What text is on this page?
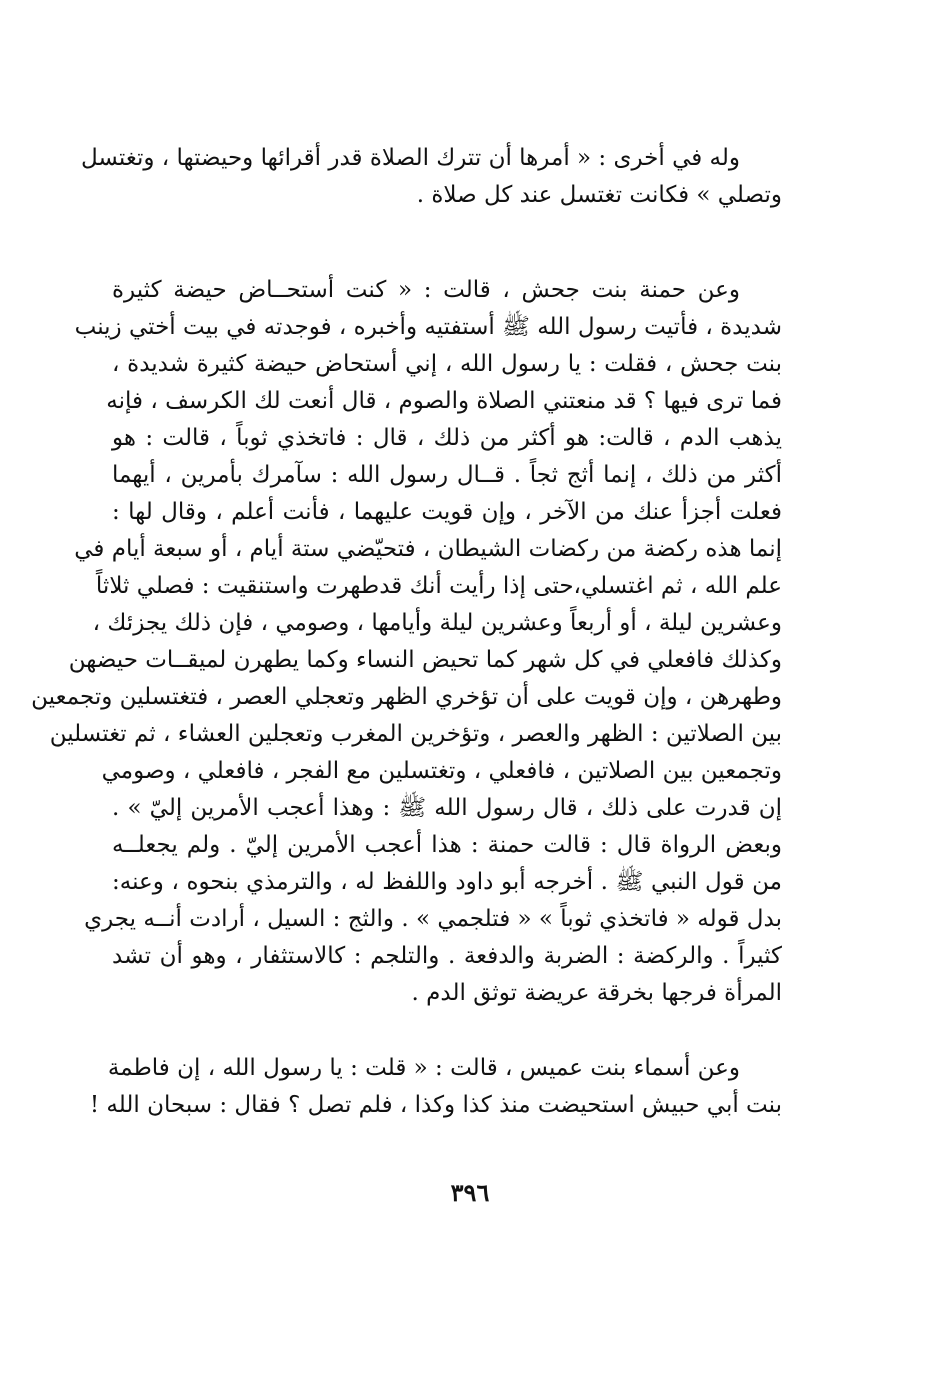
وله في أخرى : « أمرها أن تترك الصلاة قدر أقرائها وحيضتها ، وتغتسل
وتصلي » فكانت تغتسل عند كل صلاة .

وعن حمنة بنت جحش ، قالت : « كنت أستحــاض حيضة كثيرة
شديدة ، فأتيت رسول الله ﷺ أستفتيه وأخبره ، فوجدته في بيت أختي زينب
بنت جحش ، فقلت : يا رسول الله ، إني أستحاض حيضة كثيرة شديدة ،
فما ترى فيها ؟ قد منعتني الصلاة والصوم ، قال أنعت لك الكرسف ، فإنه
يذهب الدم ، قالت: هو أكثر من ذلك ، قال : فاتخذي ثوباً ، قالت : هو
أكثر من ذلك ، إنما أثج ثجاً . قــال رسول الله : سآمرك بأمرين ، أيهما
فعلت أجزأ عنك من الآخر ، وإن قويت عليهما ، فأنت أعلم ، وقال لها :
إنما هذه ركضة من ركضات الشيطان ، فتحيّضي ستة أيام ، أو سبعة أيام في
علم الله ، ثم اغتسلي،حتى إذا رأيت أنك قدطهرت واستنقيت : فصلي ثلاثاً
وعشرين ليلة ، أو أربعاً وعشرين ليلة وأيامها ، وصومي ، فإن ذلك يجزئك ،
وكذلك فافعلي في كل شهر كما تحيض النساء وكما يطهرن لميقــات حيضهن
وطهرهن ، وإن قويت على أن تؤخري الظهر وتعجلي العصر ، فتغتسلين وتجمعين
بين الصلاتين : الظهر والعصر ، وتؤخرين المغرب وتعجلين العشاء ، ثم تغتسلين
وتجمعين بين الصلاتين ، فافعلي ، وتغتسلين مع الفجر ، فافعلي ، وصومي
إن قدرت على ذلك ، قال رسول الله ﷺ : وهذا أعجب الأمرين إليّ » .
وبعض الرواة قال : قالت حمنة : هذا أعجب الأمرين إليّ . ولم يجعلــه
من قول النبي ﷺ . أخرجه أبو داود واللفظ له ، والترمذي بنحوه ، وعنه:
بدل قوله « فاتخذي ثوباً » « فتلجمي » . والثج : السيل ، أرادت أنــه يجري
كثيراً . والركضة : الضربة والدفعة . والتلجم : كالاستثفار ، وهو أن تشد
المرأة فرجها بخرقة عريضة توثق الدم .

وعن أسماء بنت عميس ، قالت : « قلت : يا رسول الله ، إن فاطمة
بنت أبي حبيش استحيضت منذ كذا وكذا ، فلم تصل ؟ فقال : سبحان الله !

٣٩٦
